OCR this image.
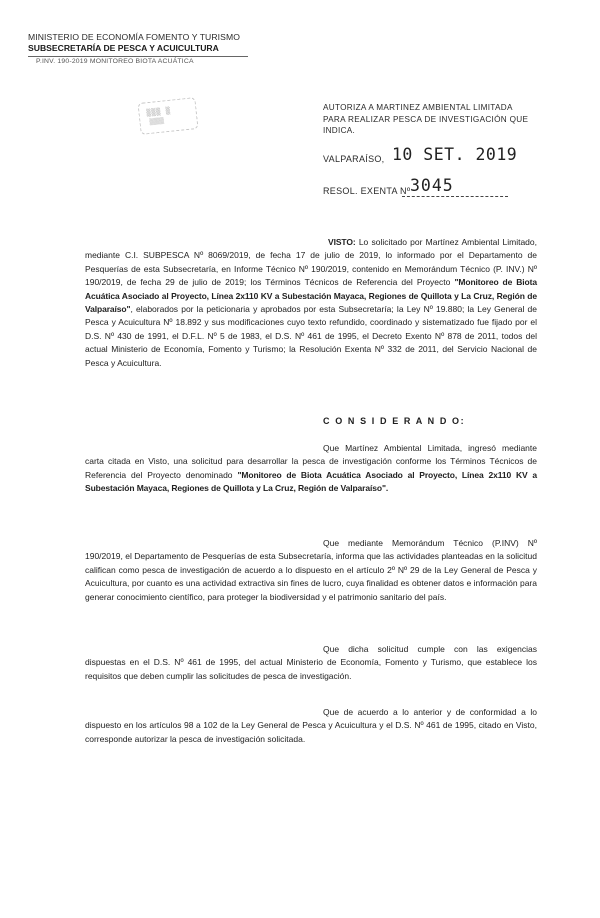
MINISTERIO DE ECONOMÍA FOMENTO Y TURISMO
SUBSECRETARÍA DE PESCA Y ACUICULTURA
P.INV. 190-2019 MONITOREO BIOTA ACUÁTICA
▒▒▒ ▒
▒▒▒▒
AUTORIZA A MARTINEZ AMBIENTAL LIMITADA
PARA REALIZAR PESCA DE INVESTIGACIÓN QUE
INDICA.
VALPARAÍSO, 10 SET. 2019
RESOL. EXENTA Nº 3045
VISTO: Lo solicitado por Martínez Ambiental Limitado, mediante C.I. SUBPESCA Nº 8069/2019, de fecha 17 de julio de 2019, lo informado por el Departamento de Pesquerías de esta Subsecretaría, en Informe Técnico Nº 190/2019, contenido en Memorándum Técnico (P. INV.) Nº 190/2019, de fecha 29 de julio de 2019; los Términos Técnicos de Referencia del Proyecto "Monitoreo de Biota Acuática Asociado al Proyecto, Línea 2x110 KV a Subestación Mayaca, Regiones de Quillota y La Cruz, Región de Valparaíso", elaborados por la peticionaria y aprobados por esta Subsecretaría; la Ley Nº 19.880; la Ley General de Pesca y Acuicultura Nº 18.892 y sus modificaciones cuyo texto refundido, coordinado y sistematizado fue fijado por el D.S. Nº 430 de 1991, el D.F.L. Nº 5 de 1983, el D.S. Nº 461 de 1995, el Decreto Exento Nº 878 de 2011, todos del actual Ministerio de Economía, Fomento y Turismo; la Resolución Exenta Nº 332 de 2011, del Servicio Nacional de Pesca y Acuicultura.
C O N S I D E R A N D O:
Que Martínez Ambiental Limitada, ingresó mediante carta citada en Visto, una solicitud para desarrollar la pesca de investigación conforme los Términos Técnicos de Referencia del Proyecto denominado "Monitoreo de Biota Acuática Asociado al Proyecto, Línea 2x110 KV a Subestación Mayaca, Regiones de Quillota y La Cruz, Región de Valparaíso".
Que mediante Memorándum Técnico (P.INV) Nº 190/2019, el Departamento de Pesquerías de esta Subsecretaría, informa que las actividades planteadas en la solicitud califican como pesca de investigación de acuerdo a lo dispuesto en el artículo 2º Nº 29 de la Ley General de Pesca y Acuicultura, por cuanto es una actividad extractiva sin fines de lucro, cuya finalidad es obtener datos e información para generar conocimiento científico, para proteger la biodiversidad y el patrimonio sanitario del país.
Que dicha solicitud cumple con las exigencias dispuestas en el D.S. Nº 461 de 1995, del actual Ministerio de Economía, Fomento y Turismo, que establece los requisitos que deben cumplir las solicitudes de pesca de investigación.
Que de acuerdo a lo anterior y de conformidad a lo dispuesto en los artículos 98 a 102 de la Ley General de Pesca y Acuicultura y el D.S. Nº 461 de 1995, citado en Visto, corresponde autorizar la pesca de investigación solicitada.
